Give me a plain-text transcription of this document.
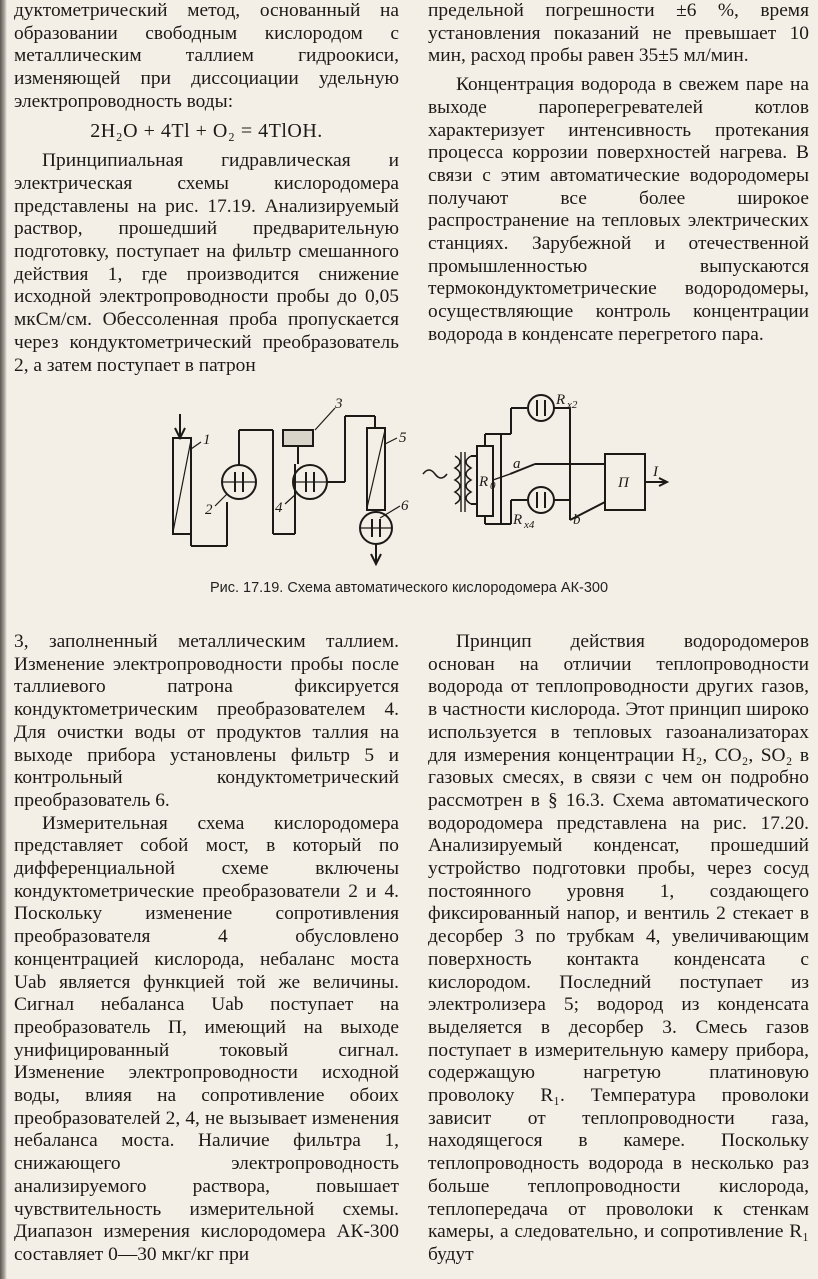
дуктометрический метод, основанный на образовании свободным кислородом с металлическим таллием гидроокиси, изменяющей при диссоциации удельную электропроводность воды:

2H₂O + 4Tl + O₂ = 4TlOH.

Принципиальная гидравлическая и электрическая схемы кислородомера представлены на рис. 17.19. Анализируемый раствор, прошедший предварительную подготовку, поступает на фильтр смешанного действия 1, где производится снижение исходной электропроводности пробы до 0,05 мкСм/см. Обессоленная проба пропускается через кондуктометрический преобразователь 2, а затем поступает в патрон

предельной погрешности ±6 %, время установления показаний не превышает 10 мин, расход пробы равен 35±5 мл/мин.

Концентрация водорода в свежем паре на выходе пароперегревателей котлов характеризует интенсивность протекания процесса коррозии поверхностей нагрева. В связи с этим автоматические водородомеры получают все более широкое распространение на тепловых электрических станциях. Зарубежной и отечественной промышленностью выпускаются термокондуктометрические водородомеры, осуществляющие контроль концентрации водорода в конденсате перегретого пара.

1
2
3
4
5
6
R x2
R x4
R 0
a
b
П
I
Рис. 17.19. Схема автоматического кислородомера АК-300

3, заполненный металлическим таллием. Изменение электропроводности пробы после таллиевого патрона фиксируется кондуктометрическим преобразователем 4. Для очистки воды от продуктов таллия на выходе прибора установлены фильтр 5 и контрольный кондуктометрический преобразователь 6.

Измерительная схема кислородомера представляет собой мост, в который по дифференциальной схеме включены кондуктометрические преобразователи 2 и 4. Поскольку изменение сопротивления преобразователя 4 обусловлено концентрацией кислорода, небаланс моста Uab является функцией той же величины. Сигнал небаланса Uab поступает на преобразователь П, имеющий на выходе унифицированный токовый сигнал. Изменение электропроводности исходной воды, влияя на сопротивление обоих преобразователей 2, 4, не вызывает изменения небаланса моста. Наличие фильтра 1, снижающего электропроводность анализируемого раствора, повышает чувствительность измерительной схемы. Диапазон измерения кислородомера АК-300 составляет 0—30 мкг/кг при

Принцип действия водородомеров основан на отличии теплопроводности водорода от теплопроводности других газов, в частности кислорода. Этот принцип широко используется в тепловых газоанализаторах для измерения концентрации H₂, CO₂, SO₂ в газовых смесях, в связи с чем он подробно рассмотрен в § 16.3. Схема автоматического водородомера представлена на рис. 17.20. Анализируемый конденсат, прошедший устройство подготовки пробы, через сосуд постоянного уровня 1, создающего фиксированный напор, и вентиль 2 стекает в десорбер 3 по трубкам 4, увеличивающим поверхность контакта конденсата с кислородом. Последний поступает из электролизера 5; водород из конденсата выделяется в десорбер 3. Смесь газов поступает в измерительную камеру прибора, содержащую нагретую платиновую проволоку R₁. Температура проволоки зависит от теплопроводности газа, находящегося в камере. Поскольку теплопроводность водорода в несколько раз больше теплопроводности кислорода, теплопередача от проволоки к стенкам камеры, а следовательно, и сопротивление R₁ будут
